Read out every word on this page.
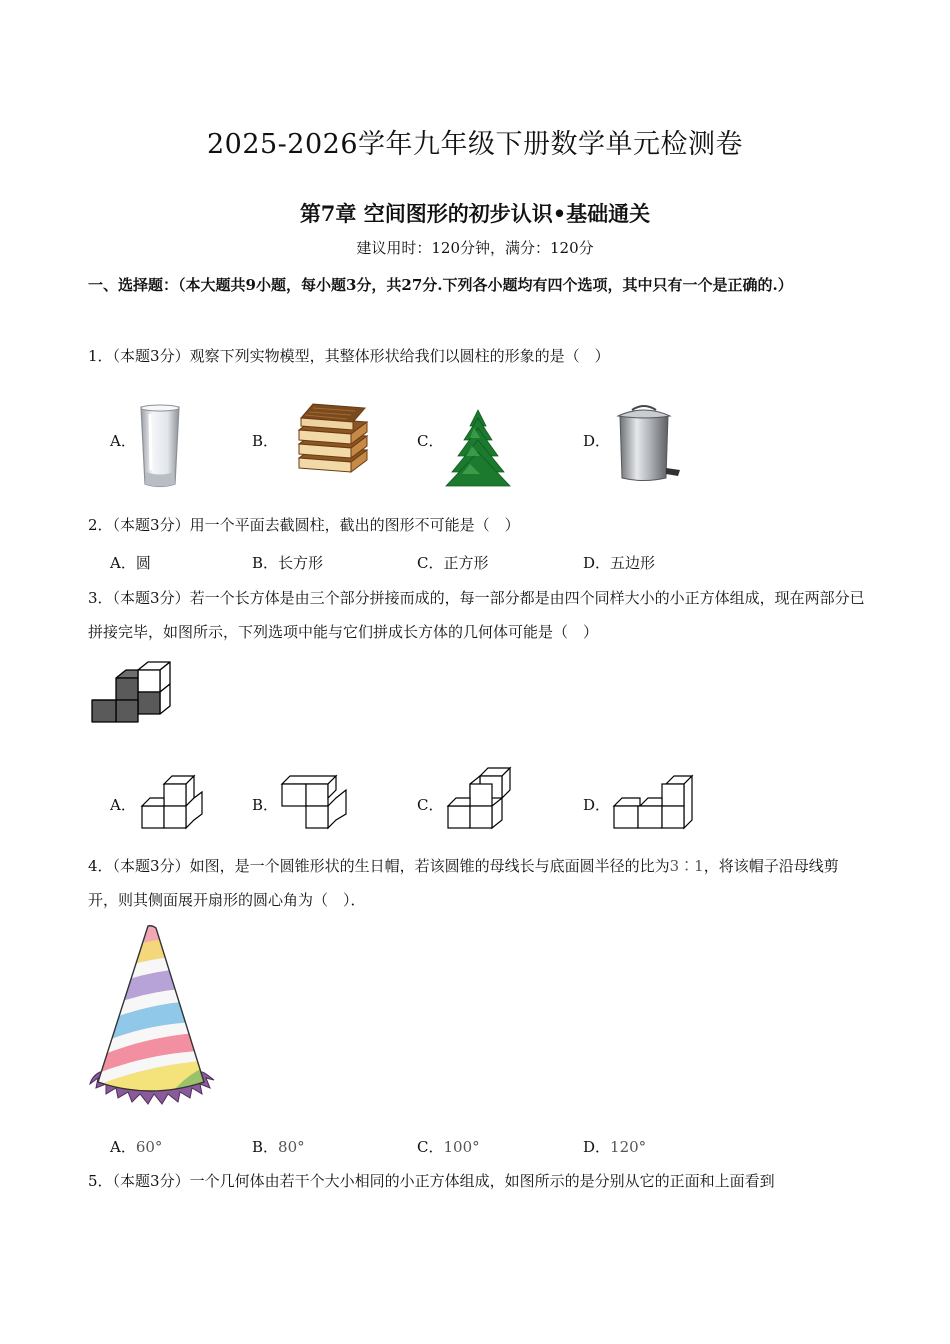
2025-2026学年九年级下册数学单元检测卷
第7章 空间图形的初步认识•基础通关
建议用时：120分钟，满分：120分
一、选择题：（本大题共9小题，每小题3分，共27分.下列各小题均有四个选项，其中只有一个是正确的.）
1．（本题3分）观察下列实物模型，其整体形状给我们以圆柱的形象的是（　）
A．	B．	C．	D．
2．（本题3分）用一个平面去截圆柱，截出的图形不可能是（　）
A．圆	B．长方形	C．正方形	D．五边形
3．（本题3分）若一个长方体是由三个部分拼接而成的，每一部分都是由四个同样大小的小正方体组成，现在两部分已拼接完毕，如图所示，下列选项中能与它们拼成长方体的几何体可能是（　）
A．	B．	C．	D．
4．（本题3分）如图，是一个圆锥形状的生日帽，若该圆锥的母线长与底面圆半径的比为3∶1，将该帽子沿母线剪开，则其侧面展开扇形的圆心角为（　）．
A．60°	B．80°	C．100°	D．120°
5．（本题3分）一个几何体由若干个大小相同的小正方体组成，如图所示的是分别从它的正面和上面看到
